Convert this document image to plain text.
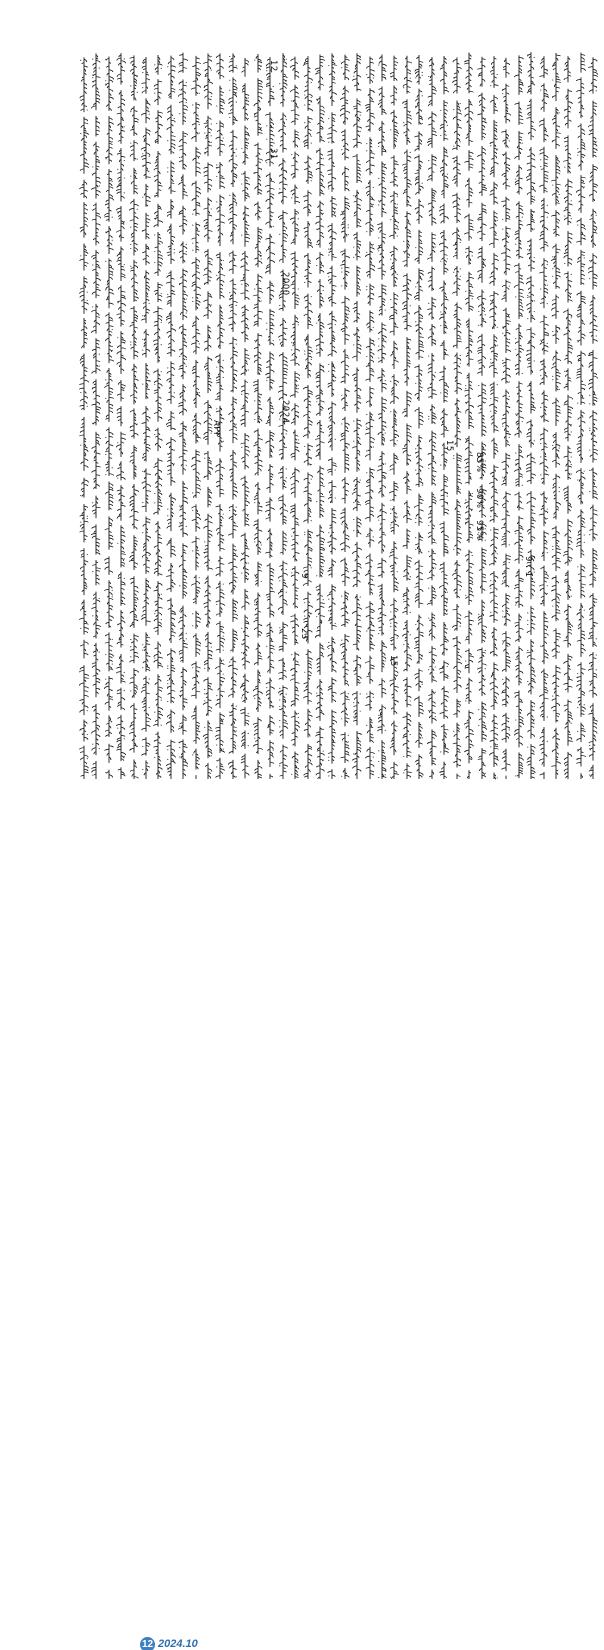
9
23
85%
90%
95%
9 : 1
APP
12
31
2000
2024
15
15
12 2024.10
